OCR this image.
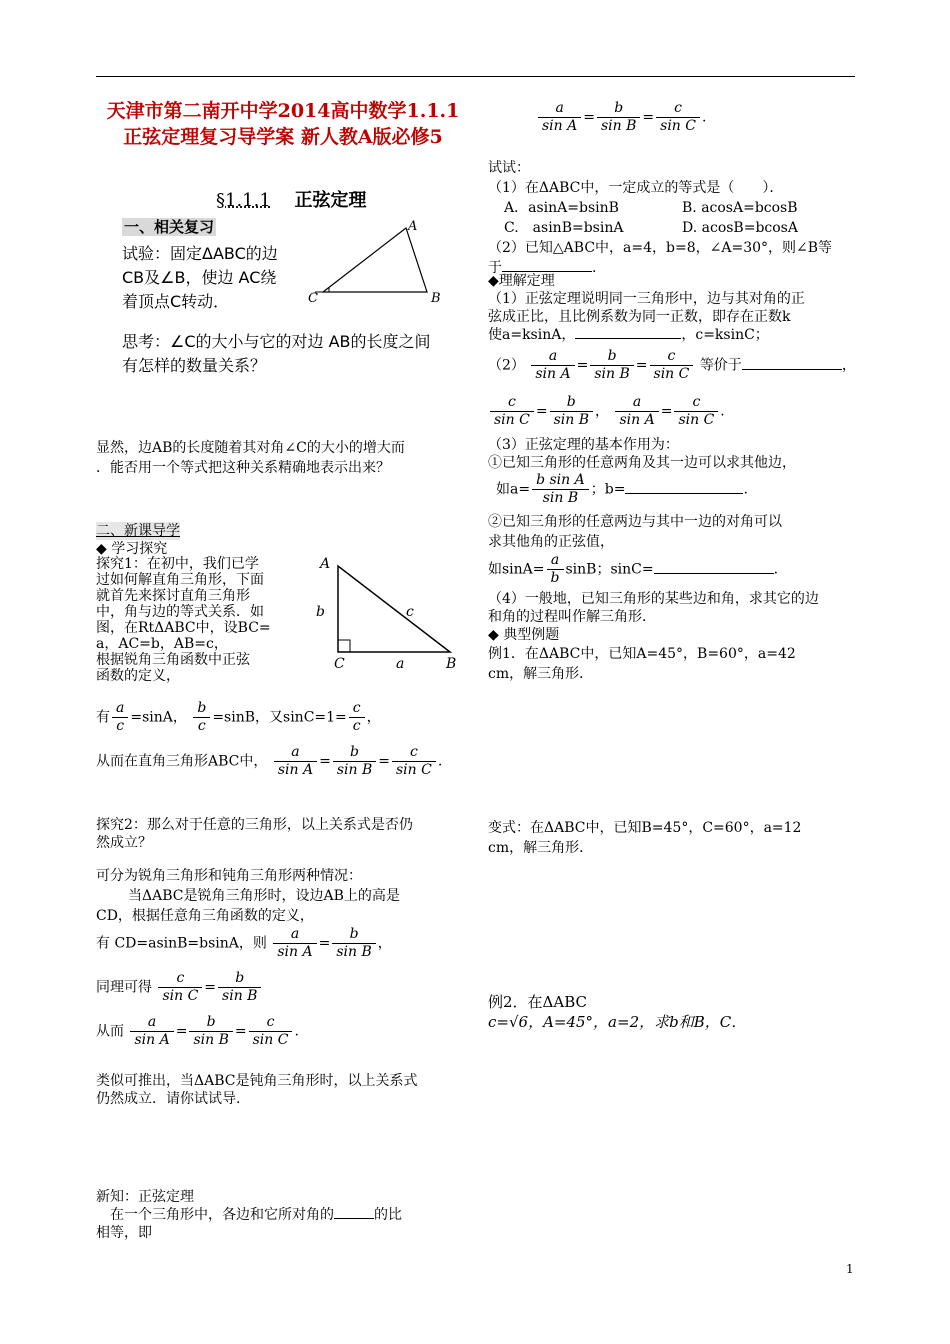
天津市第二南开中学2014高中数学1.1.1 正弦定理复习导学案 新人教A版必修5
§1.1.1 正弦定理
一、相关复习
试验：固定ΔABC的边
CB及∠B，使边 AC绕
着顶点C转动．
A
C	B
思考：∠C的大小与它的对边 AB的长度之间
有怎样的数量关系？
显然，边AB的长度随着其对角∠C的大小的增大而
．能否用一个等式把这种关系精确地表示出来？
二、新课导学
◆ 学习探究
探究1：在初中，我们已学
过如何解直角三角形，下面
就首先来探讨直角三角形
中，角与边的等式关系．如
图，在RtΔABC中，设BC=
a，AC=b，AB=c，
根据锐角三角函数中正弦
函数的定义，
A
b	c
C	a	B
有 $\frac{a}{c} =\sin A$， $\frac{b}{c} =\sin B$，又$\sin C=1= \frac{c}{c}$ ，
从而在直角三角形ABC中， $\frac{a}{\text{sin A}} = \frac{b}{\text{sin B}} = \frac{c}{\text{sin C}}$ .
探究2：那么对于任意的三角形，以上关系式是否仍
然成立？
可分为锐角三角形和钝角三角形两种情况：
当ΔABC是锐角三角形时，设边AB上的高是
CD，根据任意角三角函数的定义，
有 CD=asinB=bsinA，则 $\frac{a}{\text{sin A}} = \frac{b}{\text{sin B}}$ ，
同理可得 $\frac{c}{\text{sin C}} = \frac{b}{\text{sin B}}$
从而 $\frac{a}{\text{sin A}} = \frac{b}{\text{sin B}} = \frac{c}{\text{sin C}}$ .
类似可推出，当ΔABC是钝角三角形时，以上关系式
仍然成立．请你试试导.
新知：正弦定理
在一个三角形中，各边和它所对角的	的比
相等，即
$\frac{a}{\text{sin A}} = \frac{b}{\text{sin B}} = \frac{c}{\text{sin C}}$ .
试试：
（1）在ΔABC中，一定成立的等式是（　　）．
A．asinA=bsinB	B. acosA=bcosB
C.　asinB=bsinA	D. acosB=bcosA
（2）已知△ABC中，a=4，b=8，∠A=30°，则∠B等
于	.
◆理解定理
（1）正弦定理说明同一三角形中，边与其对角的正
弦成正比，且比例系数为同一正数，即存在正数k
使a=ksinA，	，c=ksinC；
$(2) \frac{a}{\text{sin A}} = \frac{b}{\text{sin B}} = \frac{c}{\text{sin C}}$ 等价于	，
$\frac{c}{\text{sin C}} = \frac{b}{\text{sin B}}$ ， $\frac{a}{\text{sin A}} = \frac{c}{\text{sin C}}$ .
（3）正弦定理的基本作用为：
①已知三角形的任意两角及其一边可以求其他边，
如$a= \frac{\text{b sin A}}{\text{sin B}}$ ；b=	.
②已知三角形的任意两边与其中一边的对角可以
求其他角的正弦值，
如$\sin A= \frac{a}{b}$ sinB；sinC=	.
（4）一般地，已知三角形的某些边和角，求其它的边
和角的过程叫作解三角形．
◆ 典型例题
例1．在ΔABC中，已知A=45°，B=60°，a=42
cm，解三角形．
变式：在ΔABC中，已知B=45°，C=60°，a=12
cm，解三角形．
例2．在ΔABC
c=√6，A=45°，a=2，求b和B，C．
1
